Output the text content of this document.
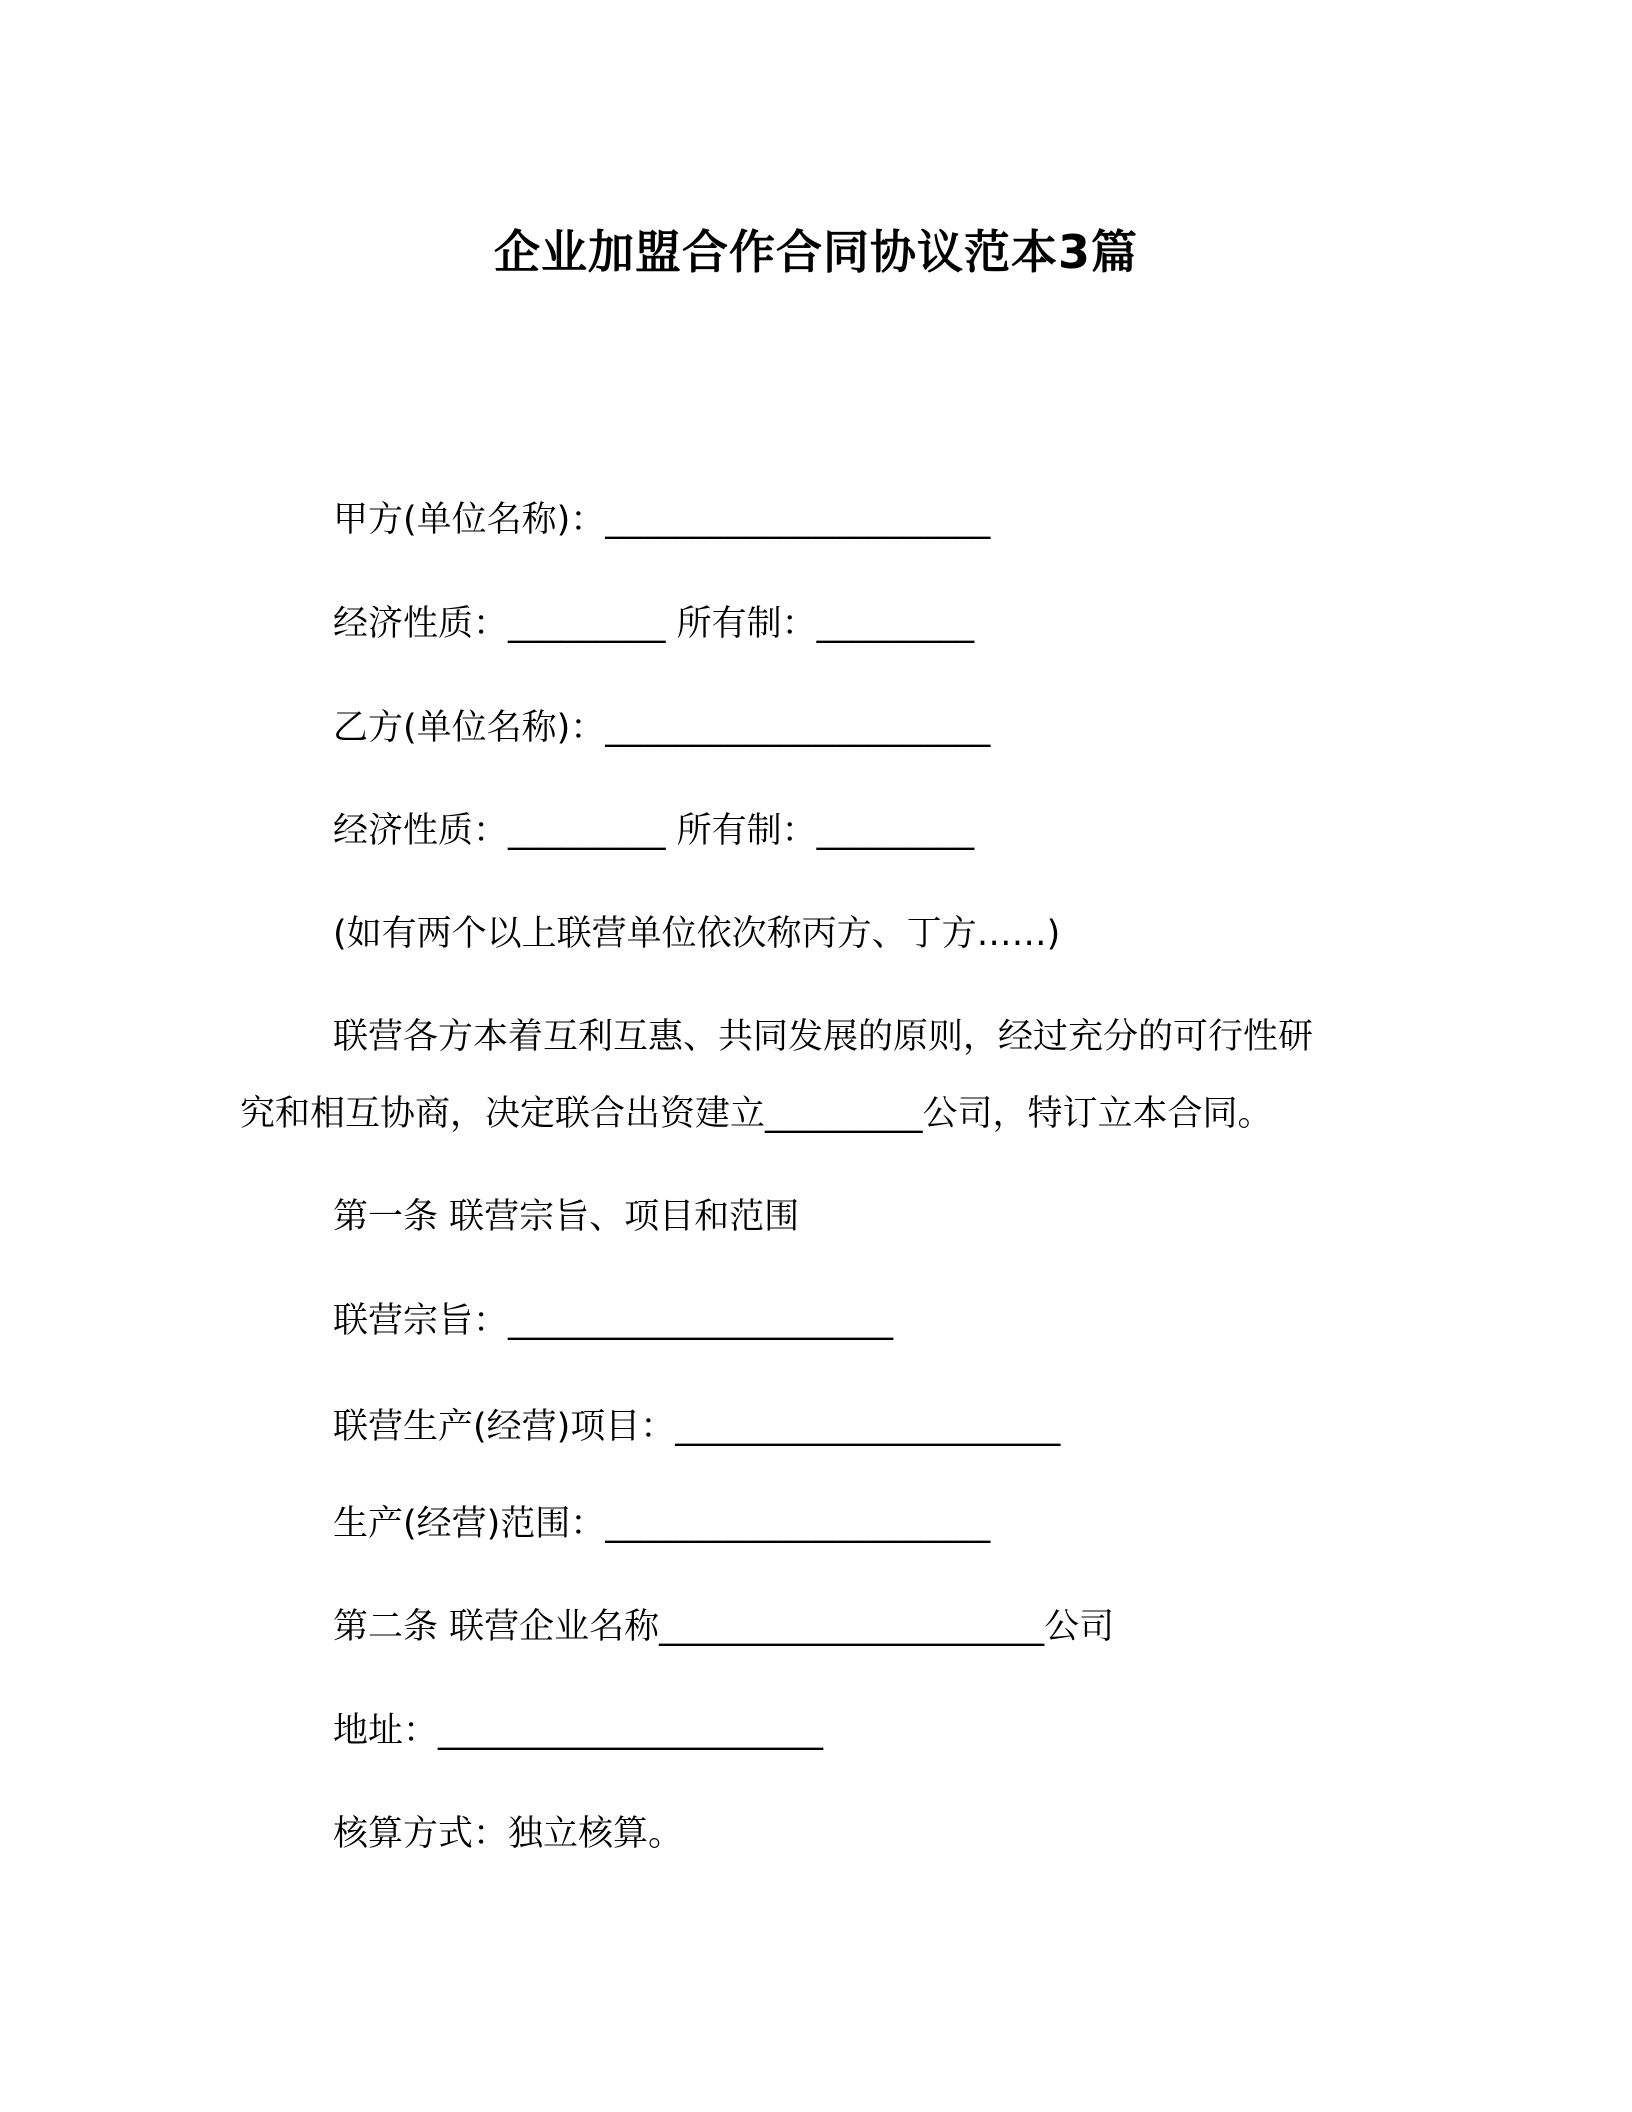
企业加盟合作合同协议范本3篇
甲方(单位名称)：______________________
经济性质：_________ 所有制：_________
乙方(单位名称)：______________________
经济性质：_________ 所有制：_________
(如有两个以上联营单位依次称丙方、丁方……)
联营各方本着互利互惠、共同发展的原则，经过充分的可行性研
究和相互协商，决定联合出资建立_________公司，特订立本合同。
第一条 联营宗旨、项目和范围
联营宗旨：______________________
联营生产(经营)项目：______________________
生产(经营)范围：______________________
第二条 联营企业名称______________________公司
地址：______________________
核算方式：独立核算。
